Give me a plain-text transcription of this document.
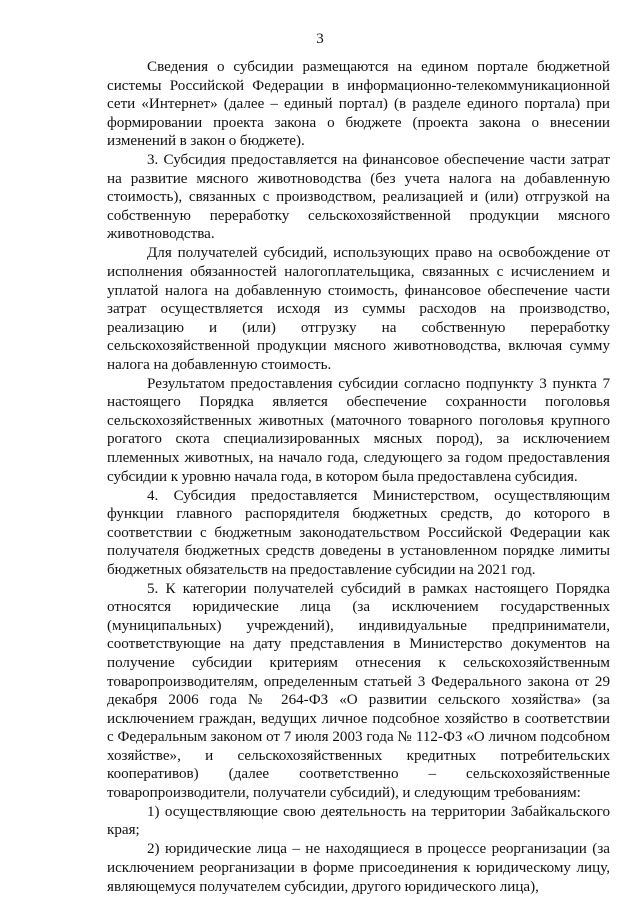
3

Сведения о субсидии размещаются на едином портале бюджетной системы Российской Федерации в информационно-телекоммуникационной сети «Интернет» (далее – единый портал) (в разделе единого портала) при формировании проекта закона о бюджете (проекта закона о внесении изменений в закон о бюджете).

3. Субсидия предоставляется на финансовое обеспечение части затрат на развитие мясного животноводства (без учета налога на добавленную стоимость), связанных с производством, реализацией и (или) отгрузкой на собственную переработку сельскохозяйственной продукции мясного животноводства.

Для получателей субсидий, использующих право на освобождение от исполнения обязанностей налогоплательщика, связанных с исчислением и уплатой налога на добавленную стоимость, финансовое обеспечение части затрат осуществляется исходя из суммы расходов на производство, реализацию и (или) отгрузку на собственную переработку сельскохозяйственной продукции мясного животноводства, включая сумму налога на добавленную стоимость.

Результатом предоставления субсидии согласно подпункту 3 пункта 7 настоящего Порядка является обеспечение сохранности поголовья сельскохозяйственных животных (маточного товарного поголовья крупного рогатого скота специализированных мясных пород), за исключением племенных животных, на начало года, следующего за годом предоставления субсидии к уровню начала года, в котором была предоставлена субсидия.

4. Субсидия предоставляется Министерством, осуществляющим функции главного распорядителя бюджетных средств, до которого в соответствии с бюджетным законодательством Российской Федерации как получателя бюджетных средств доведены в установленном порядке лимиты бюджетных обязательств на предоставление субсидии на 2021 год.

5. К категории получателей субсидий в рамках настоящего Порядка относятся юридические лица (за исключением государственных (муниципальных) учреждений), индивидуальные предприниматели, соответствующие на дату представления в Министерство документов на получение субсидии критериям отнесения к сельскохозяйственным товаропроизводителям, определенным статьей 3 Федерального закона от 29 декабря 2006 года № 264-ФЗ «О развитии сельского хозяйства» (за исключением граждан, ведущих личное подсобное хозяйство в соответствии с Федеральным законом от 7 июля 2003 года № 112-ФЗ «О личном подсобном хозяйстве», и сельскохозяйственных кредитных потребительских кооперативов) (далее соответственно – сельскохозяйственные товаропроизводители, получатели субсидий), и следующим требованиям:

1) осуществляющие свою деятельность на территории Забайкальского края;

2) юридические лица – не находящиеся в процессе реорганизации (за исключением реорганизации в форме присоединения к юридическому лицу, являющемуся получателем субсидии, другого юридического лица),
